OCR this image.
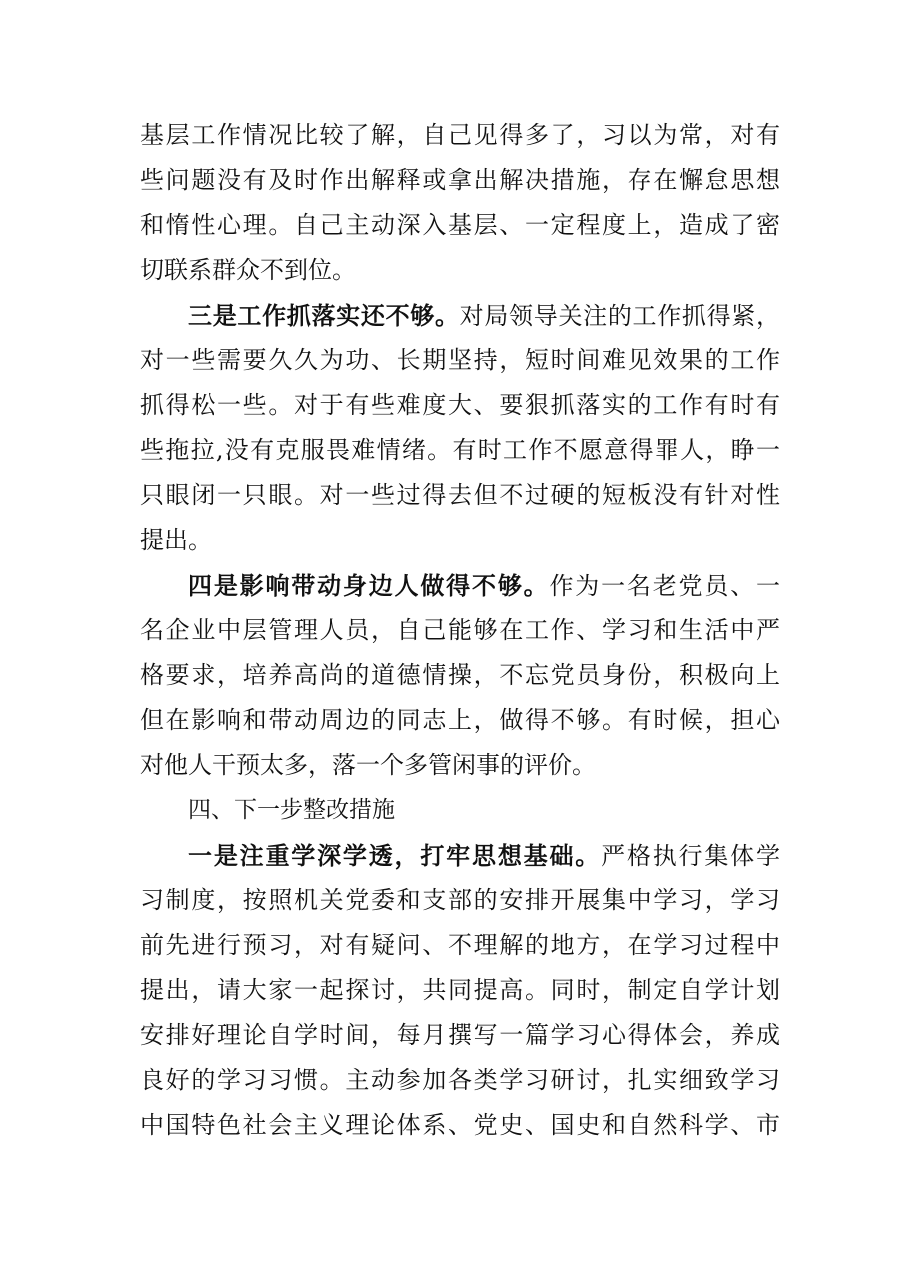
基层工作情况比较了解，自己见得多了，习以为常，对有
些问题没有及时作出解释或拿出解决措施，存在懈怠思想
和惰性心理。自己主动深入基层、一定程度上，造成了密
切联系群众不到位。
三是工作抓落实还不够。对局领导关注的工作抓得紧，
对一些需要久久为功、长期坚持，短时间难见效果的工作
抓得松一些。对于有些难度大、要狠抓落实的工作有时有
些拖拉,没有克服畏难情绪。有时工作不愿意得罪人，睁一
只眼闭一只眼。对一些过得去但不过硬的短板没有针对性
提出。
四是影响带动身边人做得不够。作为一名老党员、一
名企业中层管理人员，自己能够在工作、学习和生活中严
格要求，培养高尚的道德情操，不忘党员身份，积极向上
但在影响和带动周边的同志上，做得不够。有时候，担心
对他人干预太多，落一个多管闲事的评价。
四、下一步整改措施
一是注重学深学透，打牢思想基础。严格执行集体学
习制度，按照机关党委和支部的安排开展集中学习，学习
前先进行预习，对有疑问、不理解的地方，在学习过程中
提出，请大家一起探讨，共同提高。同时，制定自学计划
安排好理论自学时间，每月撰写一篇学习心得体会，养成
良好的学习习惯。主动参加各类学习研讨，扎实细致学习
中国特色社会主义理论体系、党史、国史和自然科学、市
